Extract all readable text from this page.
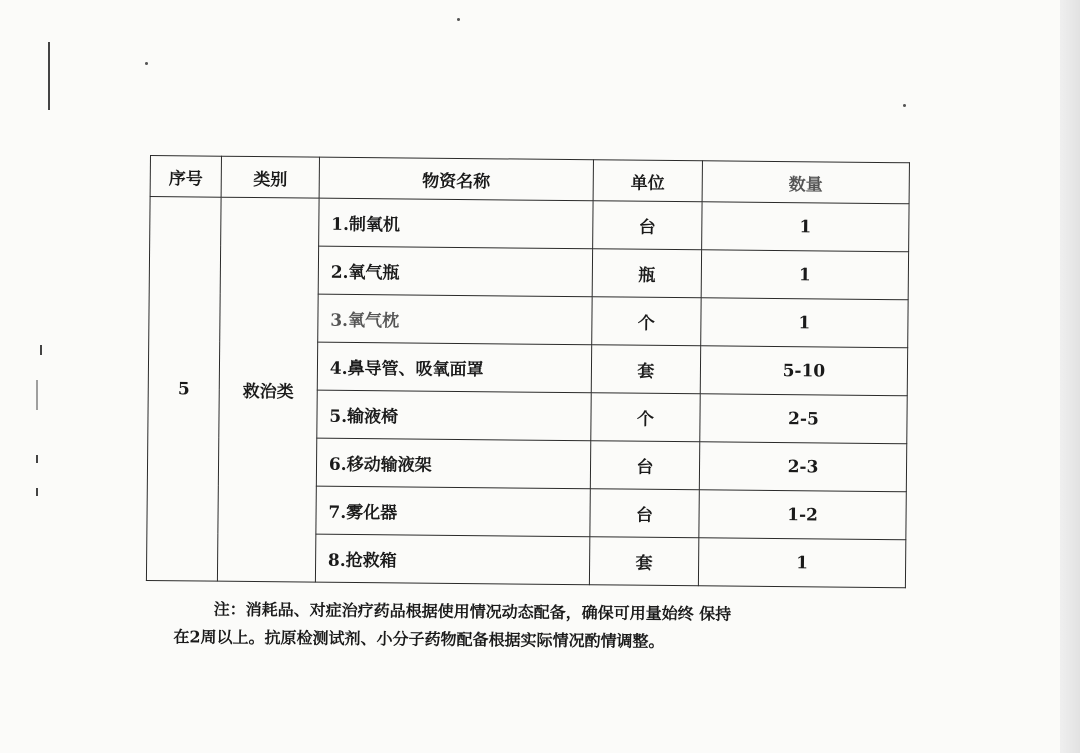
序号	类别	物资名称	单位	数量
5	救治类	1.制氧机	台	1
		2.氧气瓶	瓶	1
		3.氧气枕	个	1
		4.鼻导管、吸氧面罩	套	5-10
		5.输液椅	个	2-5
		6.移动输液架	台	2-3
		7.雾化器	台	1-2
		8.抢救箱	套	1
注：消耗品、对症治疗药品根据使用情况动态配备，确保可用量始终 保持
在2周以上。抗原检测试剂、小分子药物配备根据实际情况酌情调整。
